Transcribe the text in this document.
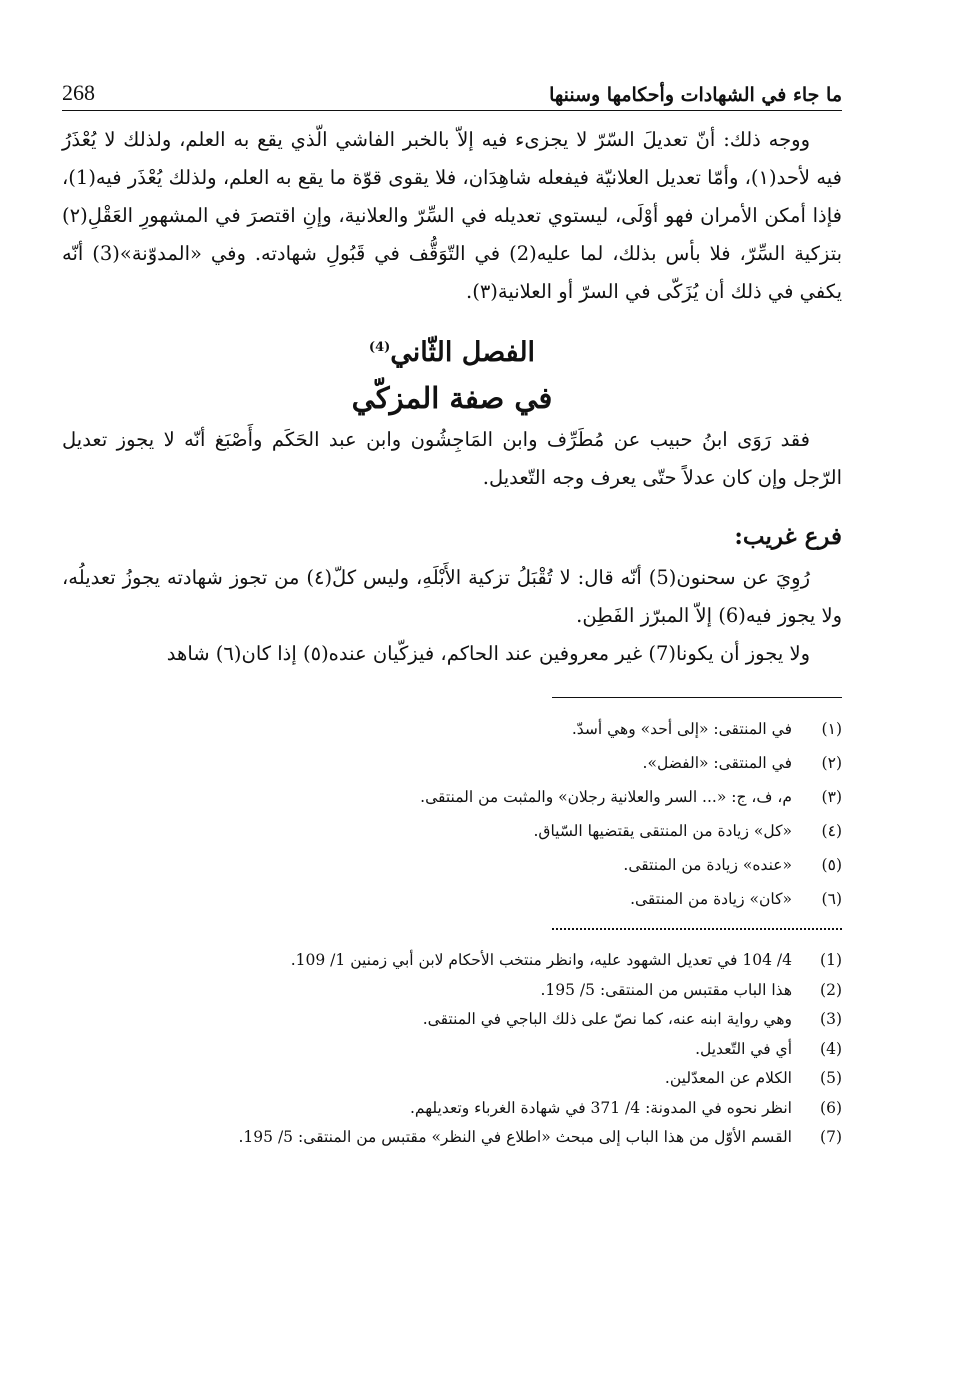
ما جاء في الشهادات وأحكامها وسننها
268

ووجه ذلك: أنّ تعديلَ السّرّ لا يجزىء فيه إلاّ بالخبر الفاشي الّذي يقع به العلم، ولذلك لا يُعْذَرُ فيه لأحد(١)، وأمّا تعديل العلانيّة فيفعله شاهِدَان، فلا يقوى قوّة ما يقع به العلم، ولذلك يُعْذَر فيه(1)، فإذا أمكن الأمران فهو أوْلَى، ليستوي تعديله في السِّرّ والعلانية، وإنِ اقتصرَ في المشهورِ العَقْلِ(٢) بتزكية السِّرّ، فلا بأس بذلك، لما عليه(2) في التّوَقُّف في قَبُولِ شهادته. وفي «المدوّنة»(3) أنّه يكفي في ذلك أن يُزَكّى في السرّ أو العلانية(٣).

الفصل الثّاني$^{(4)}$
في صفة المزكّي

فقد رَوَى ابنُ حبيب عن مُطَرِّف وابن المَاجِشُون وابن عبد الحَكَم وأَصْبَغ أنّه لا يجوز تعديل الرّجل وإن كان عدلاً حتّى يعرف وجه التّعديل.

فرع غريب:

رُوِيَ عن سحنون(5) أنّه قال: لا تُقْبَلُ تزكية الأَبْلَهِ، وليس كلّ(٤) من تجوز شهادته يجوزُ تعديلُه، ولا يجوز فيه(6) إلاّ المبرّز الفَطِن.

ولا يجوز أن يكونا(7) غير معروفين عند الحاكم، فيزكّيان عنده(٥) إذا كان(٦) شاهد

(١)
في المنتقى: «إلى أحد» وهي أسدّ.
(٢)
في المنتقى: «الفضل».
(٣)
م، ف، ج: «... السر والعلانية رجلان» والمثبت من المنتقى.
(٤)
«كل» زيادة من المنتقى يقتضيها السّياق.
(٥)
«عنده» زيادة من المنتقى.
(٦)
«كان» زيادة من المنتقى.
(1)
4/ 104 في تعديل الشهود عليه، وانظر منتخب الأحكام لابن أبي زمنين 1/ 109.
(2)
هذا الباب مقتبس من المنتقى: 5/ 195.
(3)
وهي رواية ابنه عنه، كما نصّ على ذلك الباجي في المنتقى.
(4)
أي في التّعديل.
(5)
الكلام عن المعدّلين.
(6)
انظر نحوه في المدونة: 4/ 371 في شهادة الغرباء وتعديلهم.
(7)
القسم الأوّل من هذا الباب إلى مبحث «اطلاع في النظر» مقتبس من المنتقى: 5/ 195.
